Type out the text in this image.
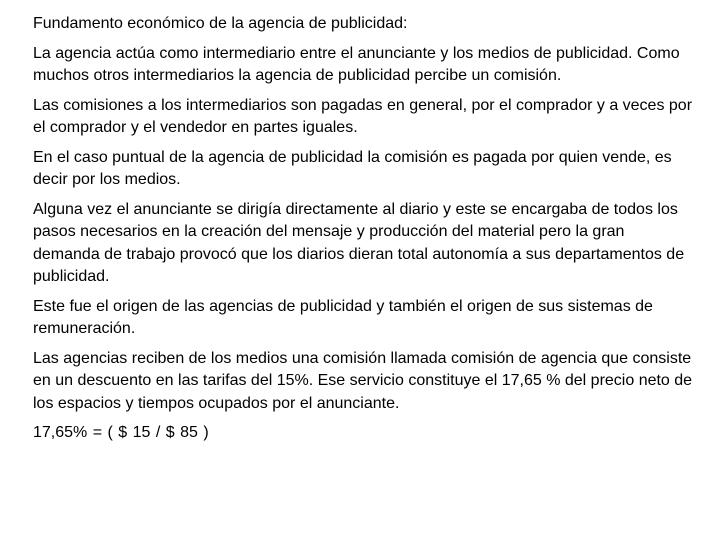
Fundamento económico de la agencia de publicidad:

La agencia actúa como intermediario entre el anunciante y los medios de publicidad. Como muchos otros intermediarios la agencia de publicidad percibe un comisión.

Las comisiones a los intermediarios son pagadas en general, por el comprador y a veces por el comprador y el vendedor en partes iguales.

En el caso puntual de la agencia de publicidad la comisión es pagada por quien vende, es decir por los medios.

Alguna vez el anunciante se dirigía directamente al diario y este se encargaba de todos los pasos necesarios en la creación del mensaje y producción del material pero la gran demanda de trabajo provocó que los diarios dieran total autonomía a sus departamentos de publicidad.

Este fue el origen de las agencias de publicidad y también el origen de sus sistemas de remuneración.

Las agencias reciben de los medios una comisión llamada comisión de agencia que consiste en un descuento en las tarifas del 15%. Ese servicio constituye el 17,65 % del precio neto de los espacios y tiempos ocupados por el anunciante.

17,65% = ( $ 15 / $ 85 )
